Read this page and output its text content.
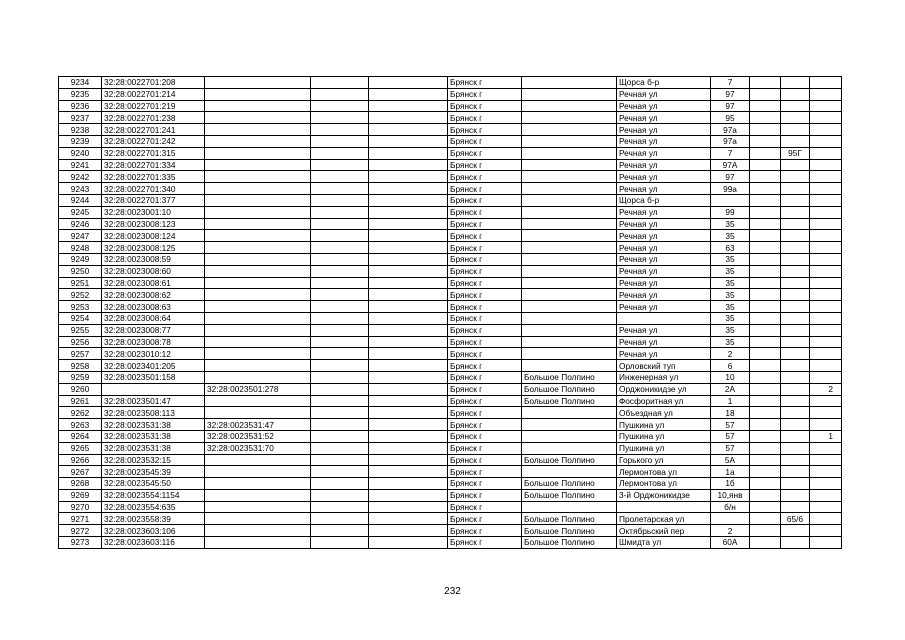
9234	32:28:0022701:208				Брянск г		Щорса б-р	7			
9235	32:28:0022701:214				Брянск г		Речная ул	97			
9236	32:28:0022701:219				Брянск г		Речная ул	97			
9237	32:28:0022701:238				Брянск г		Речная ул	95			
9238	32:28:0022701:241				Брянск г		Речная ул	97а			
9239	32:28:0022701:242				Брянск г		Речная ул	97а			
9240	32:28:0022701:315				Брянск г		Речная ул	7		95Г	
9241	32:28:0022701:334				Брянск г		Речная ул	97А			
9242	32:28:0022701:335				Брянск г		Речная ул	97			
9243	32:28:0022701:340				Брянск г		Речная ул	99а			
9244	32:28:0022701:377				Брянск г		Щорса б-р				
9245	32:28:0023001:10				Брянск г		Речная ул	99			
9246	32:28:0023008:123				Брянск г		Речная ул	35			
9247	32:28:0023008:124				Брянск г		Речная ул	35			
9248	32:28:0023008:125				Брянск г		Речная ул	63			
9249	32:28:0023008:59				Брянск г		Речная ул	35			
9250	32:28:0023008:60				Брянск г		Речная ул	35			
9251	32:28:0023008:61				Брянск г		Речная ул	35			
9252	32:28:0023008:62				Брянск г		Речная ул	35			
9253	32:28:0023008:63				Брянск г		Речная ул	35			
9254	32:28:0023008:64				Брянск г			35			
9255	32:28:0023008:77				Брянск г		Речная ул	35			
9256	32:28:0023008:78				Брянск г		Речная ул	35			
9257	32:28:0023010:12				Брянск г		Речная ул	2			
9258	32:28:0023401:205				Брянск г		Орловский туп	6			
9259	32:28:0023501:158				Брянск г	Большое Полпино	Инженерная ул	10			
9260		32:28:0023501:278			Брянск г	Большое Полпино	Орджоникидзе ул	2А			2
9261	32:28:0023501:47				Брянск г	Большое Полпино	Фосфоритная ул	1			
9262	32:28:0023508:113				Брянск г		Объездная ул	18			
9263	32:28:0023531:38	32:28:0023531:47			Брянск г		Пушкина ул	57			
9264	32:28:0023531:38	32:28:0023531:52			Брянск г		Пушкина ул	57			1
9265	32:28:0023531:38	32:28:0023531:70			Брянск г		Пушкина ул	57			
9266	32:28:0023532:15				Брянск г	Большое Полпино	Горького ул	5А			
9267	32:28:0023545:39				Брянск г		Лермонтова ул	1а			
9268	32:28:0023545:50				Брянск г	Большое Полпино	Лермонтова ул	1б			
9269	32:28:0023554:1154				Брянск г	Большое Полпино	3-й Орджоникидзе	10,янв			
9270	32:28:0023554:635				Брянск г			б/н			
9271	32:28:0023558:39				Брянск г	Большое Полпино	Пролетарская ул			65/6	
9272	32:28:0023603:106				Брянск г	Большое Полпино	Октябрьский пер	2			
9273	32:28:0023603:116				Брянск г	Большое Полпино	Шмидта ул	60А			
232
